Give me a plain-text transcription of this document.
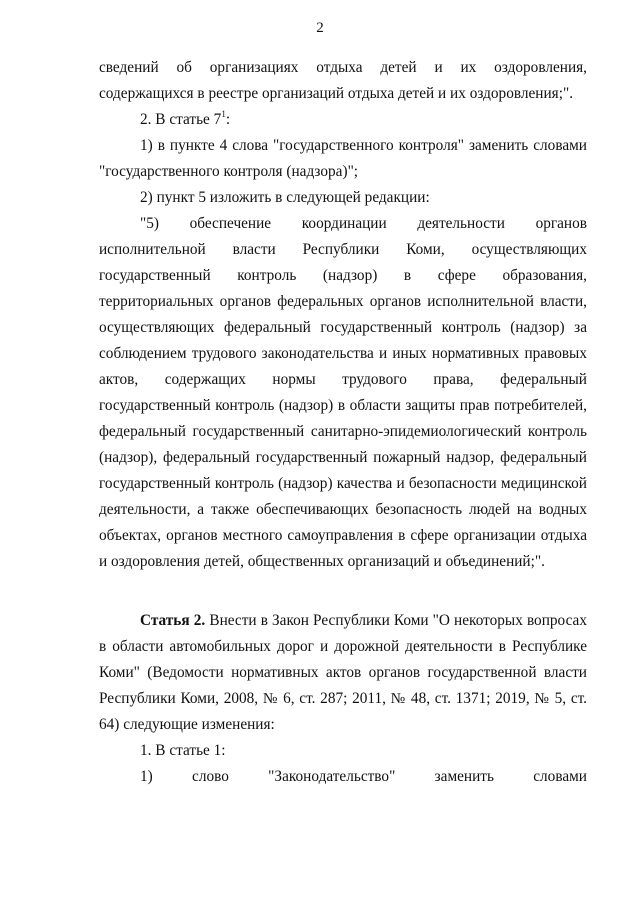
2

сведений об организациях отдыха детей и их оздоровления, содержащихся в реестре организаций отдыха детей и их оздоровления;".

2. В статье $7^1$:

1) в пункте 4 слова "государственного контроля" заменить словами "государственного контроля (надзора)";

2) пункт 5 изложить в следующей редакции:

"5) обеспечение координации деятельности органов исполнительной власти Республики Коми, осуществляющих государственный контроль (надзор) в сфере образования, территориальных органов федеральных органов исполнительной власти, осуществляющих федеральный государственный контроль (надзор) за соблюдением трудового законодательства и иных нормативных правовых актов, содержащих нормы трудового права, федеральный государственный контроль (надзор) в области защиты прав потребителей, федеральный государственный санитарно-эпидемиологический контроль (надзор), федеральный государственный пожарный надзор, федеральный государственный контроль (надзор) качества и безопасности медицинской деятельности, а также обеспечивающих безопасность людей на водных объектах, органов местного самоуправления в сфере организации отдыха и оздоровления детей, общественных организаций и объединений;".

Статья 2. Внести в Закон Республики Коми "О некоторых вопросах в области автомобильных дорог и дорожной деятельности в Республике Коми" (Ведомости нормативных актов органов государственной власти Республики Коми, 2008, № 6, ст. 287; 2011, № 48, ст. 1371; 2019, № 5, ст. 64) следующие изменения:

1. В статье 1:

1) слово "Законодательство" заменить словами
